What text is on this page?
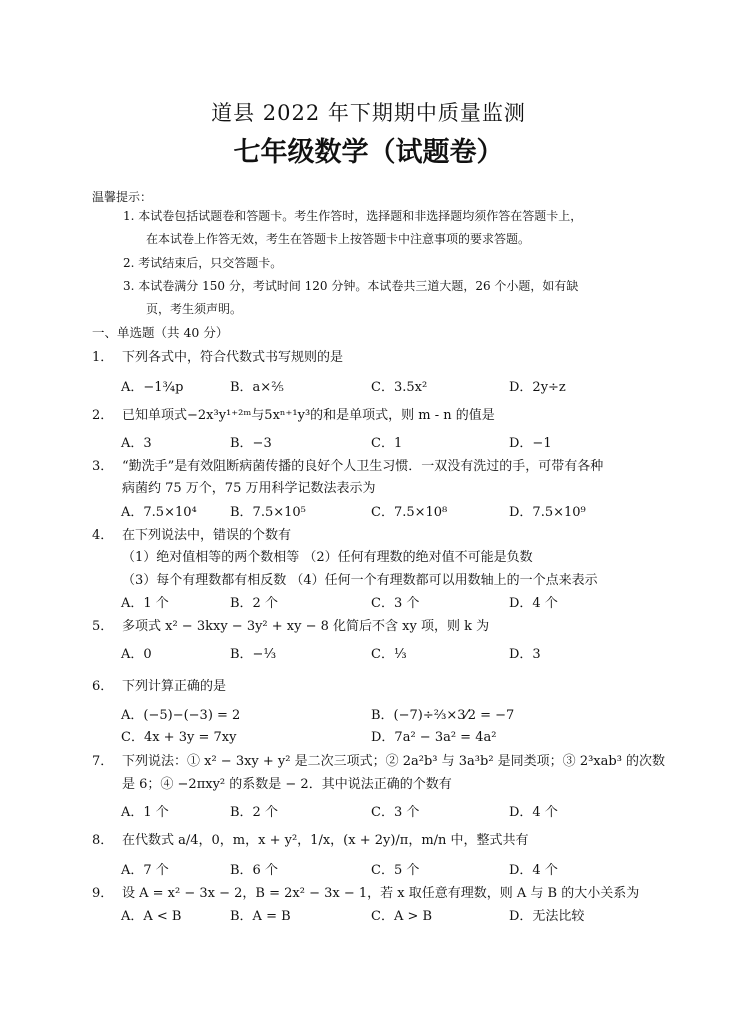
道县 2022 年下期期中质量监测
七年级数学（试题卷）
温馨提示：
1. 本试卷包括试题卷和答题卡。考生作答时，选择题和非选择题均须作答在答题卡上，
在本试卷上作答无效，考生在答题卡上按答题卡中注意事项的要求答题。
2. 考试结束后，只交答题卡。
3. 本试卷满分 150 分，考试时间 120 分钟。本试卷共三道大题，26 个小题，如有缺
页，考生须声明。
一、单选题（共 40 分）
1． 下列各式中，符合代数式书写规则的是
A．−1¾p	B．a×⅖	C．3.5x²	D．2y÷z
2． 已知单项式−2x³y¹⁺²ᵐ与5xⁿ⁺¹y³的和是单项式，则 m - n 的值是
A．3	B．−3	C．1	D．−1
3． “勤洗手”是有效阻断病菌传播的良好个人卫生习惯．一双没有洗过的手，可带有各种
病菌约 75 万个，75 万用科学记数法表示为
A．7.5×10⁴	B．7.5×10⁵	C．7.5×10⁸	D．7.5×10⁹
4． 在下列说法中，错误的个数有
（1）绝对值相等的两个数相等 （2）任何有理数的绝对值不可能是负数
（3）每个有理数都有相反数 （4）任何一个有理数都可以用数轴上的一个点来表示
A．1 个	B．2 个	C．3 个	D．4 个
5． 多项式 x² − 3kxy − 3y² + xy − 8 化简后不含 xy 项，则 k 为
A．0	B．−⅓	C．⅓	D．3
6． 下列计算正确的是
A．(−5)−(−3) = 2	B．(−7)÷⅔×3⁄2 = −7
C．4x + 3y = 7xy	D．7a² − 3a² = 4a²
7． 下列说法：① x² − 3xy + y² 是二次三项式；② 2a²b³ 与 3a³b² 是同类项；③ 2³xab³ 的次数
是 6；④ −2πxy² 的系数是 − 2．其中说法正确的个数有
A．1 个	B．2 个	C．3 个	D．4 个
8． 在代数式 a/4，0，m，x + y²，1/x，(x + 2y)/π，m/n 中，整式共有
A．7 个	B．6 个	C．5 个	D．4 个
9． 设 A = x² − 3x − 2，B = 2x² − 3x − 1，若 x 取任意有理数，则 A 与 B 的大小关系为
A．A < B	B．A = B	C．A > B	D．无法比较
